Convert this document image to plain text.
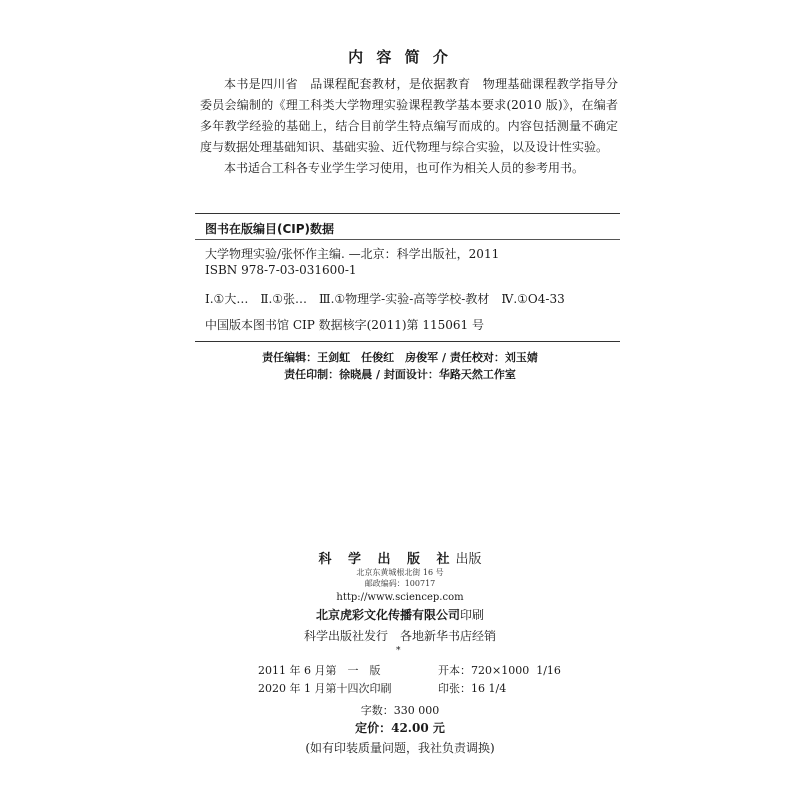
内 容 简 介

本书是四川省　品课程配套教材，是依据教育　物理基础课程教学指导分委员会编制的《理工科类大学物理实验课程教学基本要求(2010 版)》，在编者多年教学经验的基础上，结合目前学生特点编写而成的。内容包括测量不确定度与数据处理基础知识、基础实验、近代物理与综合实验，以及设计性实验。

本书适合工科各专业学生学习使用，也可作为相关人员的参考用书。

图书在版编目(CIP)数据
大学物理实验/张怀作主编. —北京：科学出版社，2011
ISBN 978-7-03-031600-1
Ⅰ.①大…　Ⅱ.①张…　Ⅲ.①物理学-实验-高等学校-教材　Ⅳ.①O4-33
中国版本图书馆 CIP 数据核字(2011)第 115061 号
责任编辑：王剑虹　任俊红　房俊军 / 责任校对：刘玉婧
责任印制：徐晓晨 / 封面设计：华路天然工作室
科 学 出 版 社出版
北京东黄城根北街 16 号
邮政编码：100717
http://www.sciencep.com
北京虎彩文化传播有限公司印刷
科学出版社发行　各地新华书店经销
*
2011 年 6 月第　一　版	开本：720×1000  1/16
2020 年 1 月第十四次印刷	印张：16 1/4
字数：330 000
定价：42.00 元
(如有印装质量问题，我社负责调换)
